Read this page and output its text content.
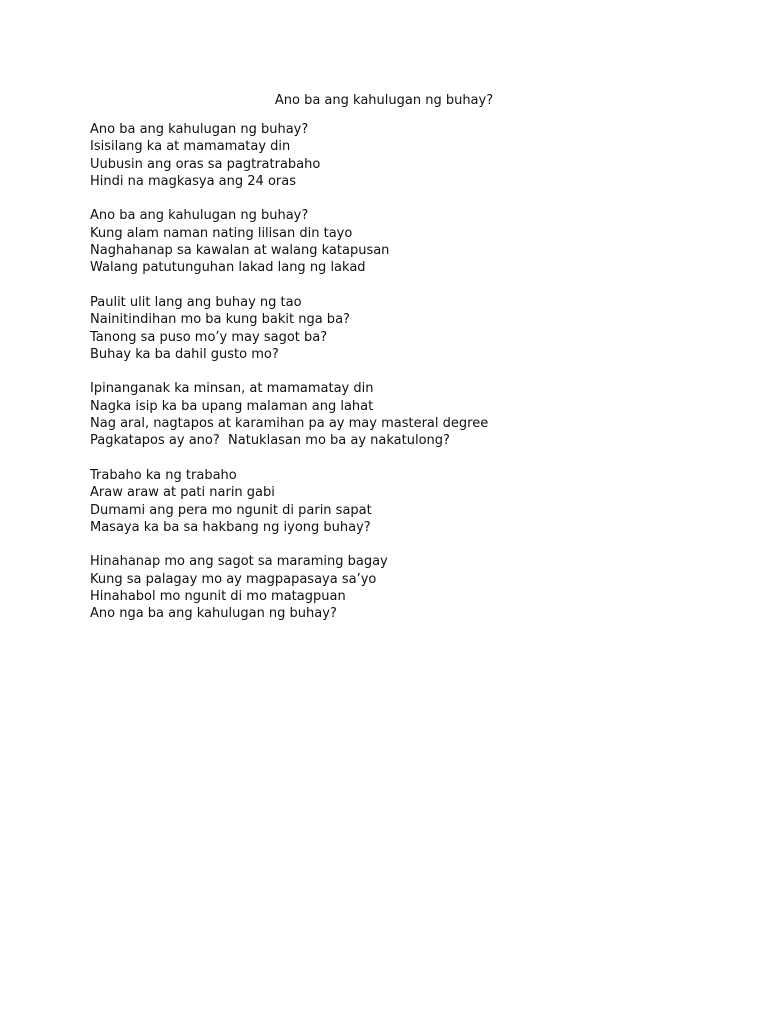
Ano ba ang kahulugan ng buhay?
Ano ba ang kahulugan ng buhay?
Isisilang ka at mamamatay din
Uubusin ang oras sa pagtratrabaho
Hindi na magkasya ang 24 oras
Ano ba ang kahulugan ng buhay?
Kung alam naman nating lilisan din tayo
Naghahanap sa kawalan at walang katapusan
Walang patutunguhan lakad lang ng lakad
Paulit ulit lang ang buhay ng tao
Nainitindihan mo ba kung bakit nga ba?
Tanong sa puso mo’y may sagot ba?
Buhay ka ba dahil gusto mo?
Ipinanganak ka minsan, at mamamatay din
Nagka isip ka ba upang malaman ang lahat
Nag aral, nagtapos at karamihan pa ay may masteral degree
Pagkatapos ay ano?  Natuklasan mo ba ay nakatulong?
Trabaho ka ng trabaho
Araw araw at pati narin gabi
Dumami ang pera mo ngunit di parin sapat
Masaya ka ba sa hakbang ng iyong buhay?
Hinahanap mo ang sagot sa maraming bagay
Kung sa palagay mo ay magpapasaya sa’yo
Hinahabol mo ngunit di mo matagpuan
Ano nga ba ang kahulugan ng buhay?
